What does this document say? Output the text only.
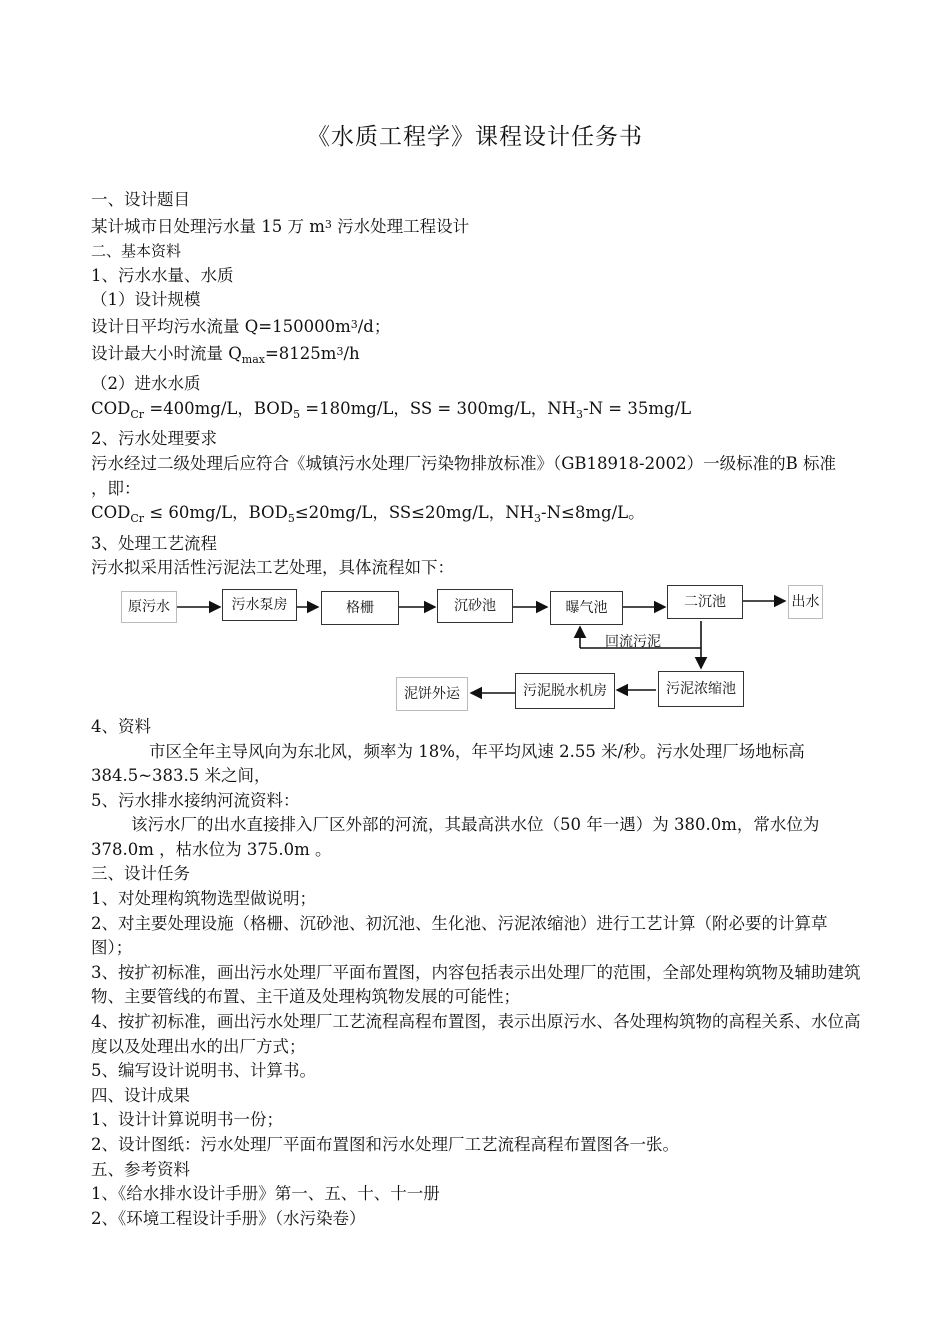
《水质工程学》课程设计任务书
一、设计题目
某计城市日处理污水量 15 万 $m^3$ 污水处理工程设计
二、基本资料
1、污水水量、水质
（1）设计规模
设计日平均污水流量 $Q=150000m^3/d$；
设计最大小时流量 $Q_{max}=8125m^3/h$
（2）进水水质
$COD_{Cr} =400mg/L$，$BOD_5 =180mg/L$，SS = 300mg/L，$NH_3-N = 35mg/L$
2、污水处理要求
污水经过二级处理后应符合《城镇污水处理厂污染物排放标准》（GB18918-2002）一级标准的B 标准
，即：
$COD_{Cr} \le 60mg/L$，$BOD_5\le 20mg/L$，SS≤20mg/L，$NH_3-N\le 8mg/L$。
3、处理工艺流程
污水拟采用活性污泥法工艺处理，具体流程如下：
原污水	污水泵房	格栅	沉砂池	曝气池	二沉池	出水
回流污泥
污泥浓缩池
污泥脱水机房
泥饼外运
4、资料
市区全年主导风向为东北风，频率为 18%，年平均风速 2.55 米/秒。污水处理厂场地标高 384.5~383.5 米之间，
5、污水排水接纳河流资料：
该污水厂的出水直接排入厂区外部的河流，其最高洪水位（50 年一遇）为 380.0m，常水位为 378.0m ，枯水位为 375.0m 。
三、设计任务
1、对处理构筑物选型做说明；
2、对主要处理设施（格栅、沉砂池、初沉池、生化池、污泥浓缩池）进行工艺计算（附必要的计算草图）；
3、按扩初标准，画出污水处理厂平面布置图，内容包括表示出处理厂的范围，全部处理构筑物及辅助建筑物、主要管线的布置、主干道及处理构筑物发展的可能性；
4、按扩初标准，画出污水处理厂工艺流程高程布置图，表示出原污水、各处理构筑物的高程关系、水位高度以及处理出水的出厂方式；
5、编写设计说明书、计算书。
四、设计成果
1、设计计算说明书一份；
2、设计图纸：污水处理厂平面布置图和污水处理厂工艺流程高程布置图各一张。
五、参考资料
1、《给水排水设计手册》第一、五、十、十一册
2、《环境工程设计手册》（水污染卷）
